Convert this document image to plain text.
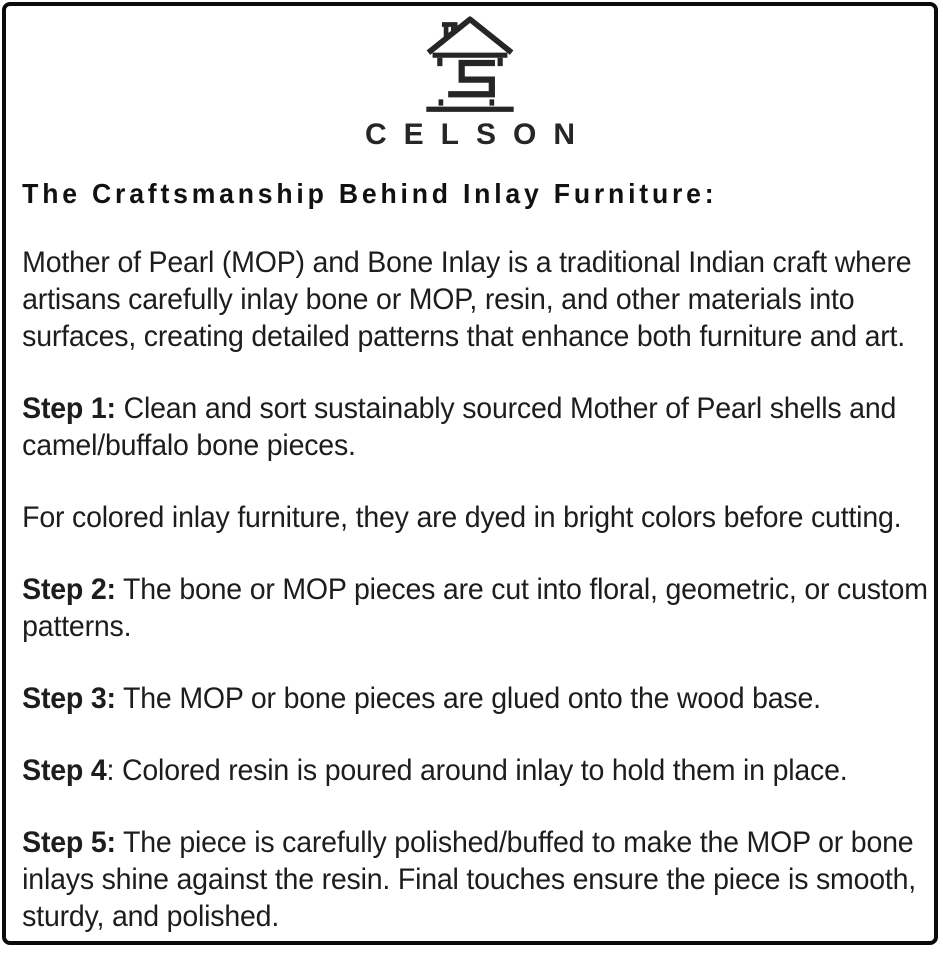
CELSON
The Craftsmanship Behind Inlay Furniture:

Mother of Pearl (MOP) and Bone Inlay is a traditional Indian craft where
artisans carefully inlay bone or MOP, resin, and other materials into
surfaces, creating detailed patterns that enhance both furniture and art.

Step 1: Clean and sort sustainably sourced Mother of Pearl shells and
camel/buffalo bone pieces.

For colored inlay furniture, they are dyed in bright colors before cutting.

Step 2: The bone or MOP pieces are cut into floral, geometric, or custom
patterns.

Step 3: The MOP or bone pieces are glued onto the wood base.

Step 4: Colored resin is poured around inlay to hold them in place.

Step 5: The piece is carefully polished/buffed to make the MOP or bone
inlays shine against the resin. Final touches ensure the piece is smooth,
sturdy, and polished.
